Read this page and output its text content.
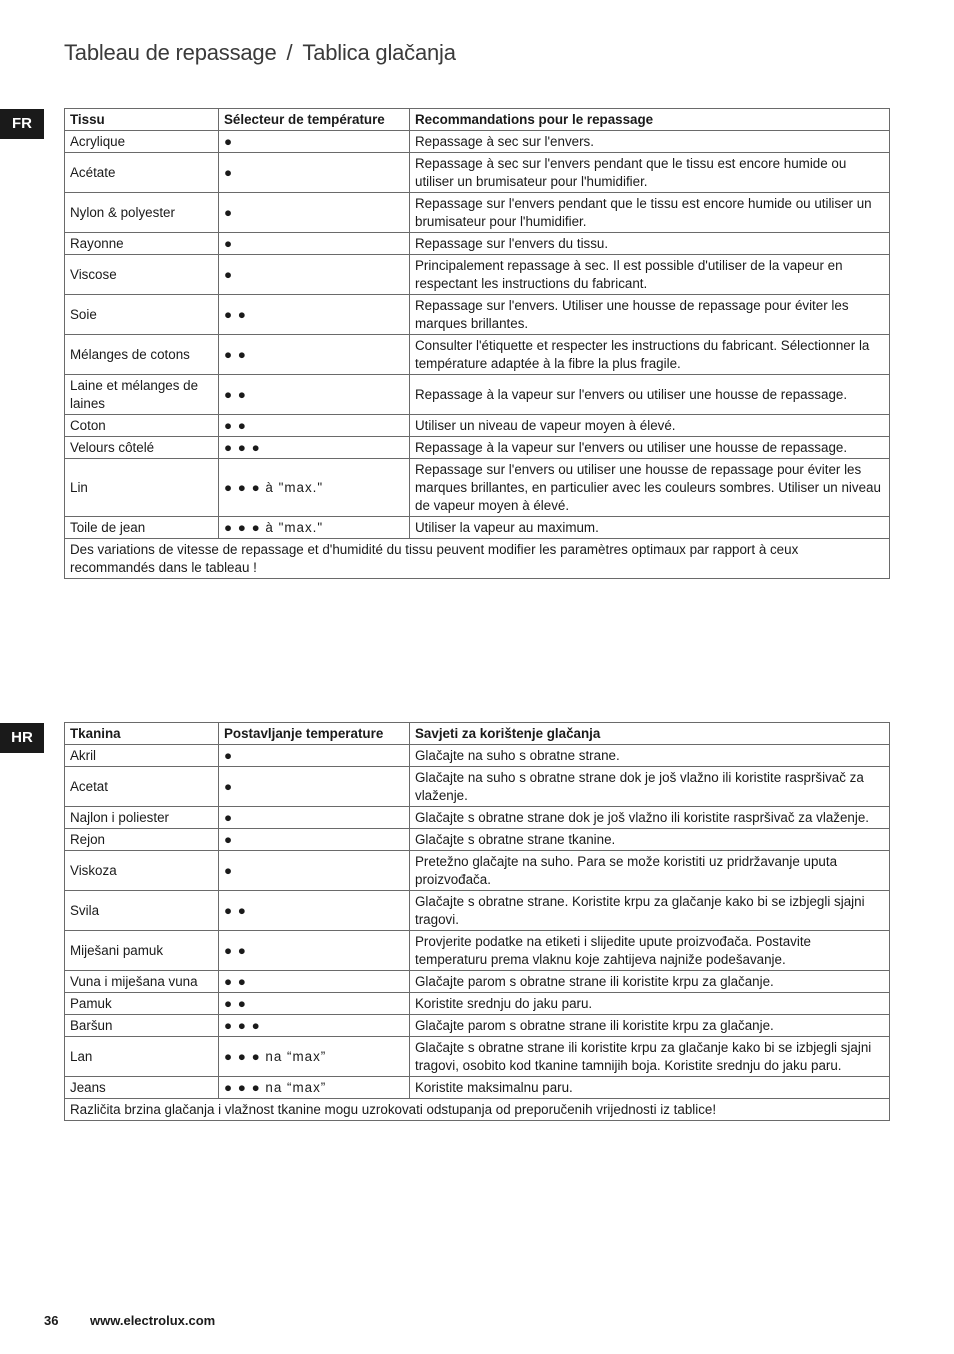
Tableau de repassage / Tablica glačanja
FR	Tissu	Sélecteur de température	Recommandations pour le repassage
Acrylique	●	Repassage à sec sur l'envers.
Acétate	●	Repassage à sec sur l'envers pendant que le tissu est encore humide ou utiliser un brumisateur pour l'humidifier.
Nylon & polyester	●	Repassage sur l'envers pendant que le tissu est encore humide ou utiliser un brumisateur pour l'humidifier.
Rayonne	●	Repassage sur l'envers du tissu.
Viscose	●	Principalement repassage à sec. Il est possible d'utiliser de la vapeur en respectant les instructions du fabricant.
Soie	● ●	Repassage sur l'envers. Utiliser une housse de repassage pour éviter les marques brillantes.
Mélanges de cotons	● ●	Consulter l'étiquette et respecter les instructions du fabricant. Sélectionner la température adaptée à la fibre la plus fragile.
Laine et mélanges de laines	● ●	Repassage à la vapeur sur l'envers ou utiliser une housse de repassage.
Coton	● ●	Utiliser un niveau de vapeur moyen à élevé.
Velours côtelé	● ● ●	Repassage à la vapeur sur l'envers ou utiliser une housse de repassage.
Lin	● ● ● à "max."	Repassage sur l'envers ou utiliser une housse de repassage pour éviter les marques brillantes, en particulier avec les couleurs sombres. Utiliser un niveau de vapeur moyen à élevé.
Toile de jean	● ● ● à "max."	Utiliser la vapeur au maximum.
Des variations de vitesse de repassage et d'humidité du tissu peuvent modifier les paramètres optimaux par rapport à ceux recommandés dans le tableau !		
HR	Tkanina	Postavljanje temperature	Savjeti za korištenje glačanja
Akril	●	Glačajte na suho s obratne strane.
Acetat	●	Glačajte na suho s obratne strane dok je još vlažno ili koristite raspršivač za vlaženje.
Najlon i poliester	●	Glačajte s obratne strane dok je još vlažno ili koristite raspršivač za vlaženje.
Rejon	●	Glačajte s obratne strane tkanine.
Viskoza	●	Pretežno glačajte na suho. Para se može koristiti uz pridržavanje uputa proizvođača.
Svila	● ●	Glačajte s obratne strane. Koristite krpu za glačanje kako bi se izbjegli sjajni tragovi.
Miješani pamuk	● ●	Provjerite podatke na etiketi i slijedite upute proizvođača. Postavite temperaturu prema vlaknu koje zahtijeva najniže podešavanje.
Vuna i miješana vuna	● ●	Glačajte parom s obratne strane ili koristite krpu za glačanje.
Pamuk	● ●	Koristite srednju do jaku paru.
Baršun	● ● ●	Glačajte parom s obratne strane ili koristite krpu za glačanje.
Lan	● ● ● na “max”	Glačajte s obratne strane ili koristite krpu za glačanje kako bi se izbjegli sjajni tragovi, osobito kod tkanine tamnijih boja. Koristite srednju do jaku paru.
Jeans	● ● ● na “max”	Koristite maksimalnu paru.
Različita brzina glačanja i vlažnost tkanine mogu uzrokovati odstupanja od preporučenih vrijednosti iz tablice!		
36 www.electrolux.com
